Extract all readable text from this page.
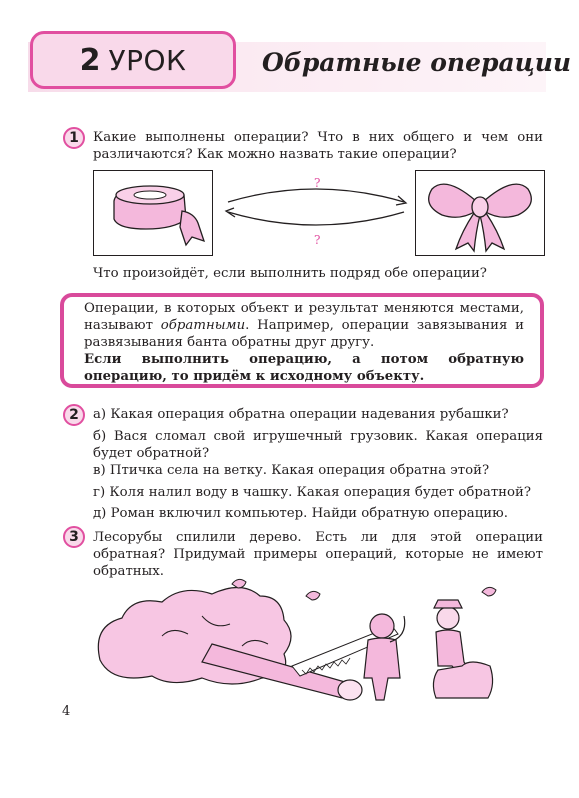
2 УРОК	Обратные операции
1	Какие выполнены операции? Что в них общего и чем они различаются? Как можно назвать такие операции?
?
?
Что произойдёт, если выполнить подряд обе операции?
Операции, в которых объект и результат меняются местами, называют обратными. Например, операции завязывания и развязывания банта обратны друг другу.
Если выполнить операцию, а потом обратную операцию, то придём к исходному объекту.
2	а) Какая операция обратна операции надевания рубашки?
б) Вася сломал свой игрушечный грузовик. Какая операция будет обратной?
в) Птичка села на ветку. Какая операция обратна этой?
г) Коля налил воду в чашку. Какая операция будет обратной?
д) Роман включил компьютер. Найди обратную операцию.
3	Лесорубы спилили дерево. Есть ли для этой операции обратная? Придумай примеры операций, которые не имеют обратных.
4
